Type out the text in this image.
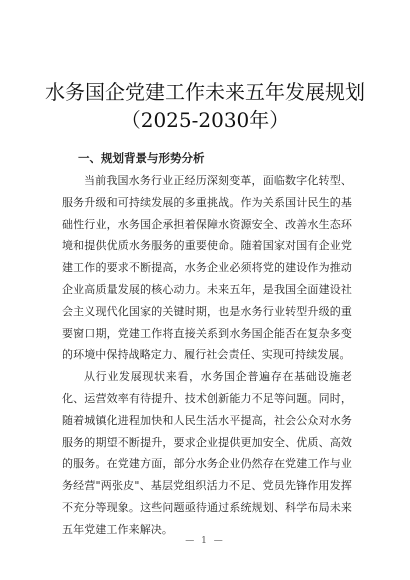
水务国企党建工作未来五年发展规划
（2025-2030年）
一、规划背景与形势分析

当前我国水务行业正经历深刻变革，面临数字化转型、服务升级和可持续发展的多重挑战。作为关系国计民生的基础性行业，水务国企承担着保障水资源安全、改善水生态环境和提供优质水务服务的重要使命。随着国家对国有企业党建工作的要求不断提高，水务企业必须将党的建设作为推动企业高质量发展的核心动力。未来五年，是我国全面建设社会主义现代化国家的关键时期，也是水务行业转型升级的重要窗口期，党建工作将直接关系到水务国企能否在复杂多变的环境中保持战略定力、履行社会责任、实现可持续发展。

从行业发展现状来看，水务国企普遍存在基础设施老化、运营效率有待提升、技术创新能力不足等问题。同时，随着城镇化进程加快和人民生活水平提高，社会公众对水务服务的期望不断提升，要求企业提供更加安全、优质、高效的服务。在党建方面，部分水务企业仍然存在党建工作与业务经营"两张皮"、基层党组织活力不足、党员先锋作用发挥不充分等现象。这些问题亟待通过系统规划、科学布局未来五年党建工作来解决。

— 1 —
